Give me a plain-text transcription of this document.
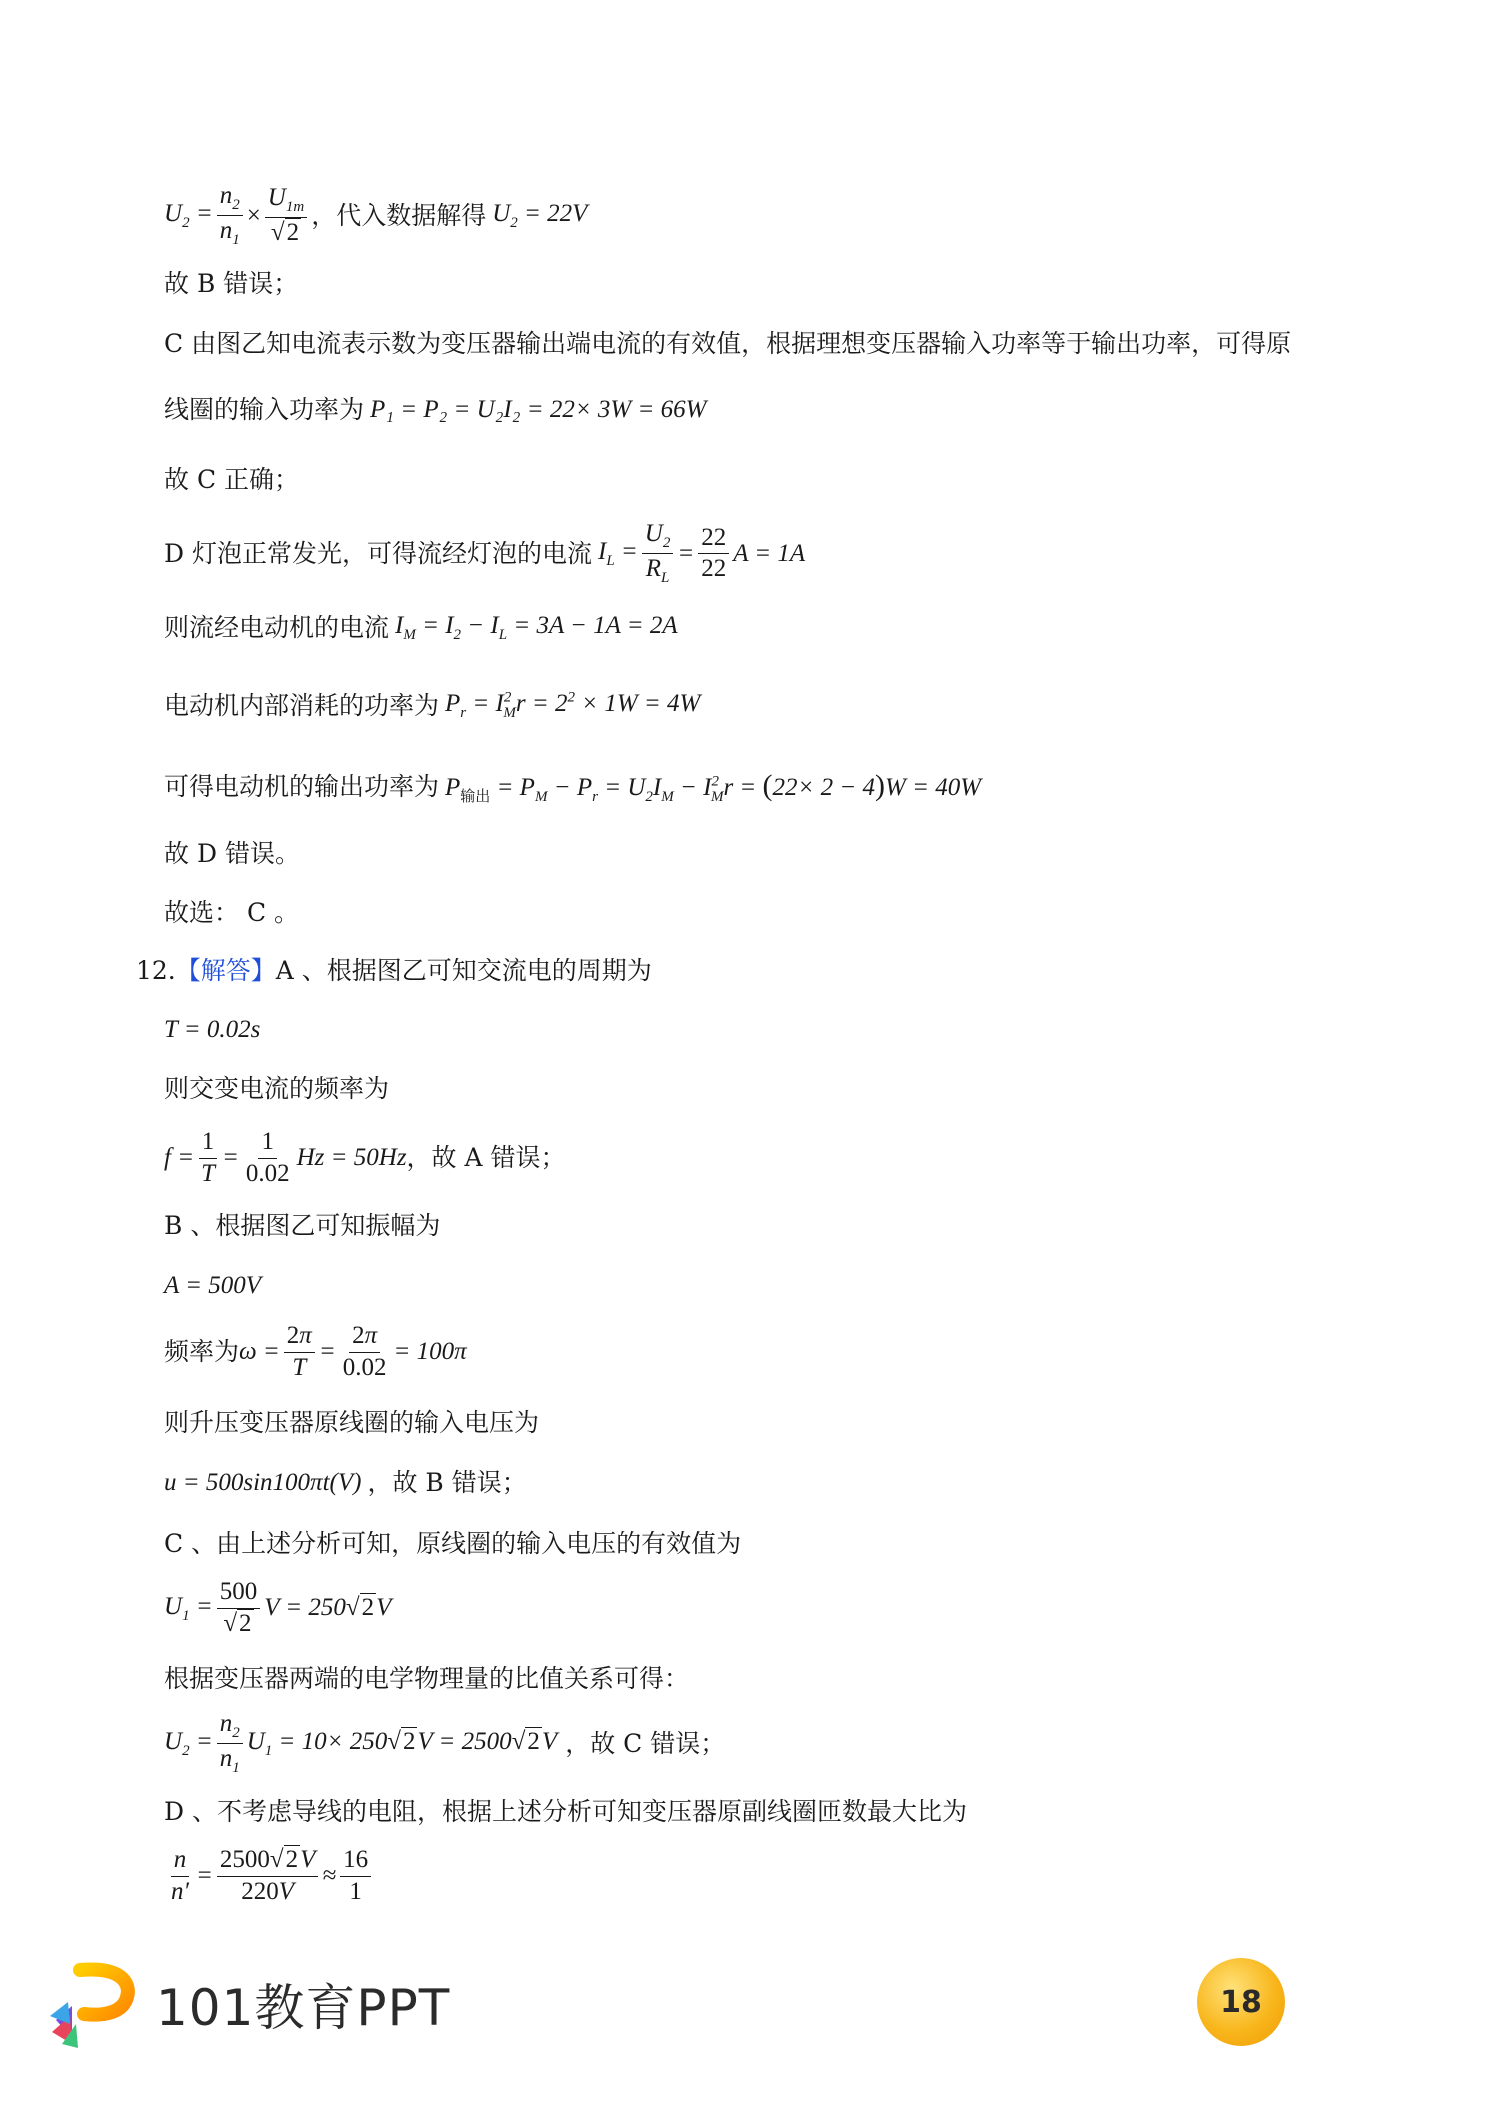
$U_2 = \frac{n_2}{n_1} \times \frac{U_{1m}}{√2}$ ，代入数据解得 $U_2 = 22V$
故 B 错误；
C 由图乙知电流表示数为变压器输出端电流的有效值，根据理想变压器输入功率等于输出功率，可得原
线圈的输入功率为 P₁ = P₂ = U₂I₂ = 22× 3W = 66W
故 C 正确；
D 灯泡正常发光，可得流经灯泡的电流 $I_L = \frac{U_2}{R_L} = \frac{22}{22}$ A = 1A
则流经电动机的电流 $I_M = I_2 - I_L = 3A - 1A = 2A$
电动机内部消耗的功率为 $P_r = I^2_Mr = 2^2 \times 1W = 4W$
可得电动机的输出功率为 $P_{输出} = P_M - P_r = U_2I_M - I^2_Mr = (22\times 2 - 4)W = 40W$
故 D 错误。
故选： C 。
12. 【解答】 A 、根据图乙可知交流电的周期为
T = 0.02s
则交变电流的频率为
$f = \frac{1}{T} = \frac{1}{0.02}$ Hz = 50Hz ，故 A 错误；
B 、根据图乙可知振幅为
A = 500V
频率为 $\omega = \frac{2\pi}{T} = \frac{2\pi}{0.02} = 100\pi$
则升压变压器原线圈的输入电压为
u = 500sin100πt(V) ，故 B 错误；
C 、由上述分析可知，原线圈的输入电压的有效值为
$U_1 = \frac{500}{√2}$ V = 250√2V
根据变压器两端的电学物理量的比值关系可得：
$U_2 = \frac{n_2}{n_1} U_1 = 10\times 250√2V = 2500√2V$ ，故 C 错误；
D 、不考虑导线的电阻，根据上述分析可知变压器原副线圈匝数最大比为
$\frac{n}{n'} = \frac{2500√2V}{220V} \approx \frac{16}{1}$
101教育PPT	18
